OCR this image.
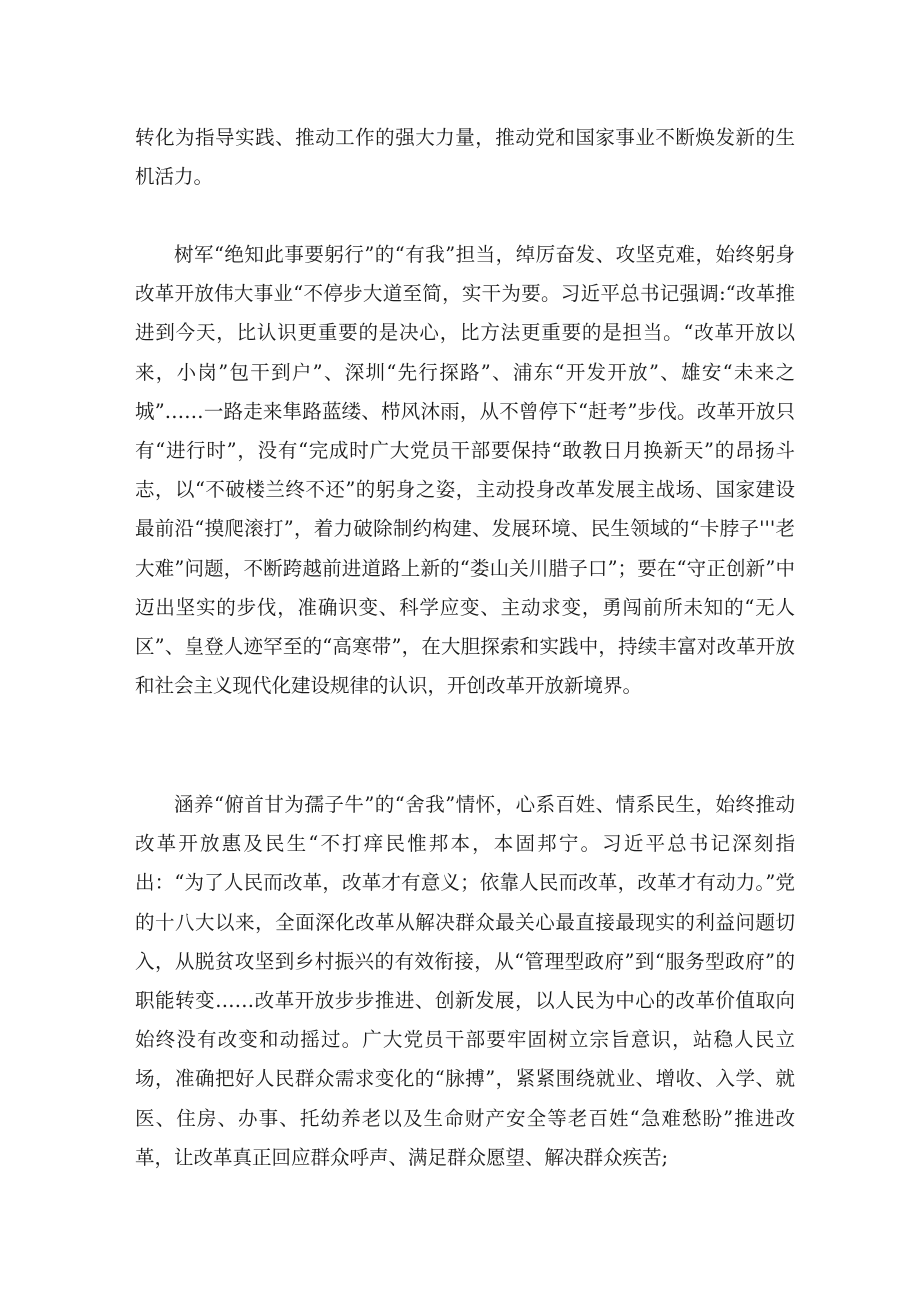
转化为指导实践、推动工作的强大力量，推动党和国家事业不断焕发新的生机活力。

树军“绝知此事要躬行”的“有我”担当，绰厉奋发、攻坚克难，始终躬身改革开放伟大事业“不停步大道至简，实干为要。习近平总书记强调:“改革推进到今天，比认识更重要的是决心，比方法更重要的是担当。“改革开放以来，小岗”包干到户”、深圳“先行探路”、浦东“开发开放”、雄安“未来之城”……一路走来隼路蓝缕、栉风沐雨，从不曾停下“赶考”步伐。改革开放只有“进行时”，没有“完成时广大党员干部要保持“敢教日月换新天”的昂扬斗志，以“不破楼兰终不还”的躬身之姿，主动投身改革发展主战场、国家建设最前沿“摸爬滚打”，着力破除制约构建、发展环境、民生领域的“卡脖子'''老大难”问题，不断跨越前进道路上新的“娄山关川腊子口”；要在“守正创新”中迈出坚实的步伐，准确识变、科学应变、主动求变，勇闯前所未知的“无人区”、皇登人迹罕至的“高寒带”，在大胆探索和实践中，持续丰富对改革开放和社会主义现代化建设规律的认识，开创改革开放新境界。

涵养“俯首甘为孺子牛”的“舍我”情怀，心系百姓、情系民生，始终推动改革开放惠及民生“不打痒民惟邦本，本固邦宁。习近平总书记深刻指出：“为了人民而改革，改革才有意义；依靠人民而改革，改革才有动力。”党的十八大以来，全面深化改革从解决群众最关心最直接最现实的利益问题切入，从脱贫攻坚到乡村振兴的有效衔接，从“管理型政府”到“服务型政府”的职能转变……改革开放步步推进、创新发展，以人民为中心的改革价值取向始终没有改变和动摇过。广大党员干部要牢固树立宗旨意识，站稳人民立场，准确把好人民群众需求变化的“脉搏”，紧紧围绕就业、增收、入学、就医、住房、办事、托幼养老以及生命财产安全等老百姓“急难愁盼”推进改革，让改革真正回应群众呼声、满足群众愿望、解决群众疾苦;
